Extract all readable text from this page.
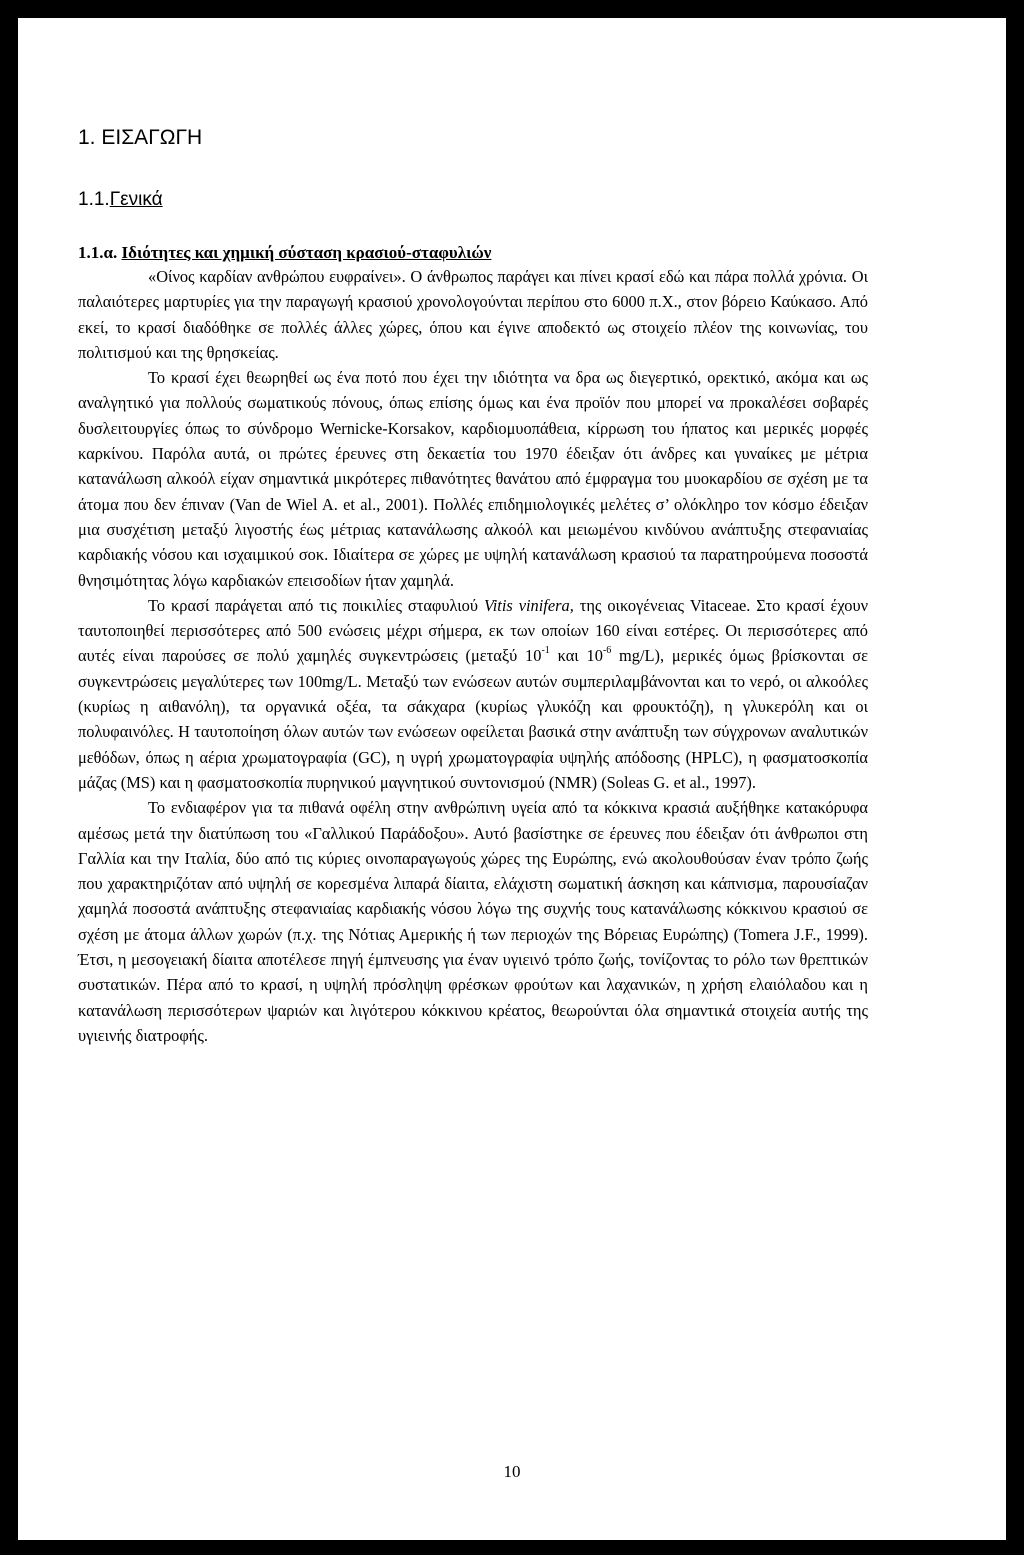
1. ΕΙΣΑΓΩΓΗ
1.1.Γενικά
1.1.α. Ιδιότητες και χημική σύσταση κρασιού-σταφυλιών

«Οίνος καρδίαν ανθρώπου ευφραίνει». Ο άνθρωπος παράγει και πίνει κρασί εδώ και πάρα πολλά χρόνια. Οι παλαιότερες μαρτυρίες για την παραγωγή κρασιού χρονολογούνται περίπου στο 6000 π.Χ., στον βόρειο Καύκασο. Από εκεί, το κρασί διαδόθηκε σε πολλές άλλες χώρες, όπου και έγινε αποδεκτό ως στοιχείο πλέον της κοινωνίας, του πολιτισμού και της θρησκείας.

Το κρασί έχει θεωρηθεί ως ένα ποτό που έχει την ιδιότητα να δρα ως διεγερτικό, ορεκτικό, ακόμα και ως αναλγητικό για πολλούς σωματικούς πόνους, όπως επίσης όμως και ένα προϊόν που μπορεί να προκαλέσει σοβαρές δυσλειτουργίες όπως το σύνδρομο Wernicke-Korsakov, καρδιομυοπάθεια, κίρρωση του ήπατος και μερικές μορφές καρκίνου. Παρόλα αυτά, οι πρώτες έρευνες στη δεκαετία του 1970 έδειξαν ότι άνδρες και γυναίκες με μέτρια κατανάλωση αλκοόλ είχαν σημαντικά μικρότερες πιθανότητες θανάτου από έμφραγμα του μυοκαρδίου σε σχέση με τα άτομα που δεν έπιναν (Van de Wiel A. et al., 2001). Πολλές επιδημιολογικές μελέτες σ’ ολόκληρο τον κόσμο έδειξαν μια συσχέτιση μεταξύ λιγοστής έως μέτριας κατανάλωσης αλκοόλ και μειωμένου κινδύνου ανάπτυξης στεφανιαίας καρδιακής νόσου και ισχαιμικού σοκ. Ιδιαίτερα σε χώρες με υψηλή κατανάλωση κρασιού τα παρατηρούμενα ποσοστά θνησιμότητας λόγω καρδιακών επεισοδίων ήταν χαμηλά.

Το κρασί παράγεται από τις ποικιλίες σταφυλιού Vitis vinifera, της οικογένειας Vitaceae. Στο κρασί έχουν ταυτοποιηθεί περισσότερες από 500 ενώσεις μέχρι σήμερα, εκ των οποίων 160 είναι εστέρες. Οι περισσότερες από αυτές είναι παρούσες σε πολύ χαμηλές συγκεντρώσεις (μεταξύ $10^{-1}$ και $10^{-6}$ mg/L), μερικές όμως βρίσκονται σε συγκεντρώσεις μεγαλύτερες των 100mg/L. Μεταξύ των ενώσεων αυτών συμπεριλαμβάνονται και το νερό, οι αλκοόλες (κυρίως η αιθανόλη), τα οργανικά οξέα, τα σάκχαρα (κυρίως γλυκόζη και φρουκτόζη), η γλυκερόλη και οι πολυφαινόλες. Η ταυτοποίηση όλων αυτών των ενώσεων οφείλεται βασικά στην ανάπτυξη των σύγχρονων αναλυτικών μεθόδων, όπως η αέρια χρωματογραφία (GC), η υγρή χρωματογραφία υψηλής απόδοσης (HPLC), η φασματοσκοπία μάζας (MS) και η φασματοσκοπία πυρηνικού μαγνητικού συντονισμού (NMR) (Soleas G. et al., 1997).

Το ενδιαφέρον για τα πιθανά οφέλη στην ανθρώπινη υγεία από τα κόκκινα κρασιά αυξήθηκε κατακόρυφα αμέσως μετά την διατύπωση του «Γαλλικού Παράδοξου». Αυτό βασίστηκε σε έρευνες που έδειξαν ότι άνθρωποι στη Γαλλία και την Ιταλία, δύο από τις κύριες οινοπαραγωγούς χώρες της Ευρώπης, ενώ ακολουθούσαν έναν τρόπο ζωής που χαρακτηριζόταν από υψηλή σε κορεσμένα λιπαρά δίαιτα, ελάχιστη σωματική άσκηση και κάπνισμα, παρουσίαζαν χαμηλά ποσοστά ανάπτυξης στεφανιαίας καρδιακής νόσου λόγω της συχνής τους κατανάλωσης κόκκινου κρασιού σε σχέση με άτομα άλλων χωρών (π.χ. της Νότιας Αμερικής ή των περιοχών της Βόρειας Ευρώπης) (Tomera J.F., 1999). Έτσι, η μεσογειακή δίαιτα αποτέλεσε πηγή έμπνευσης για έναν υγιεινό τρόπο ζωής, τονίζοντας το ρόλο των θρεπτικών συστατικών. Πέρα από το κρασί, η υψηλή πρόσληψη φρέσκων φρούτων και λαχανικών, η χρήση ελαιόλαδου και η κατανάλωση περισσότερων ψαριών και λιγότερου κόκκινου κρέατος, θεωρούνται όλα σημαντικά στοιχεία αυτής της υγιεινής διατροφής.

10
